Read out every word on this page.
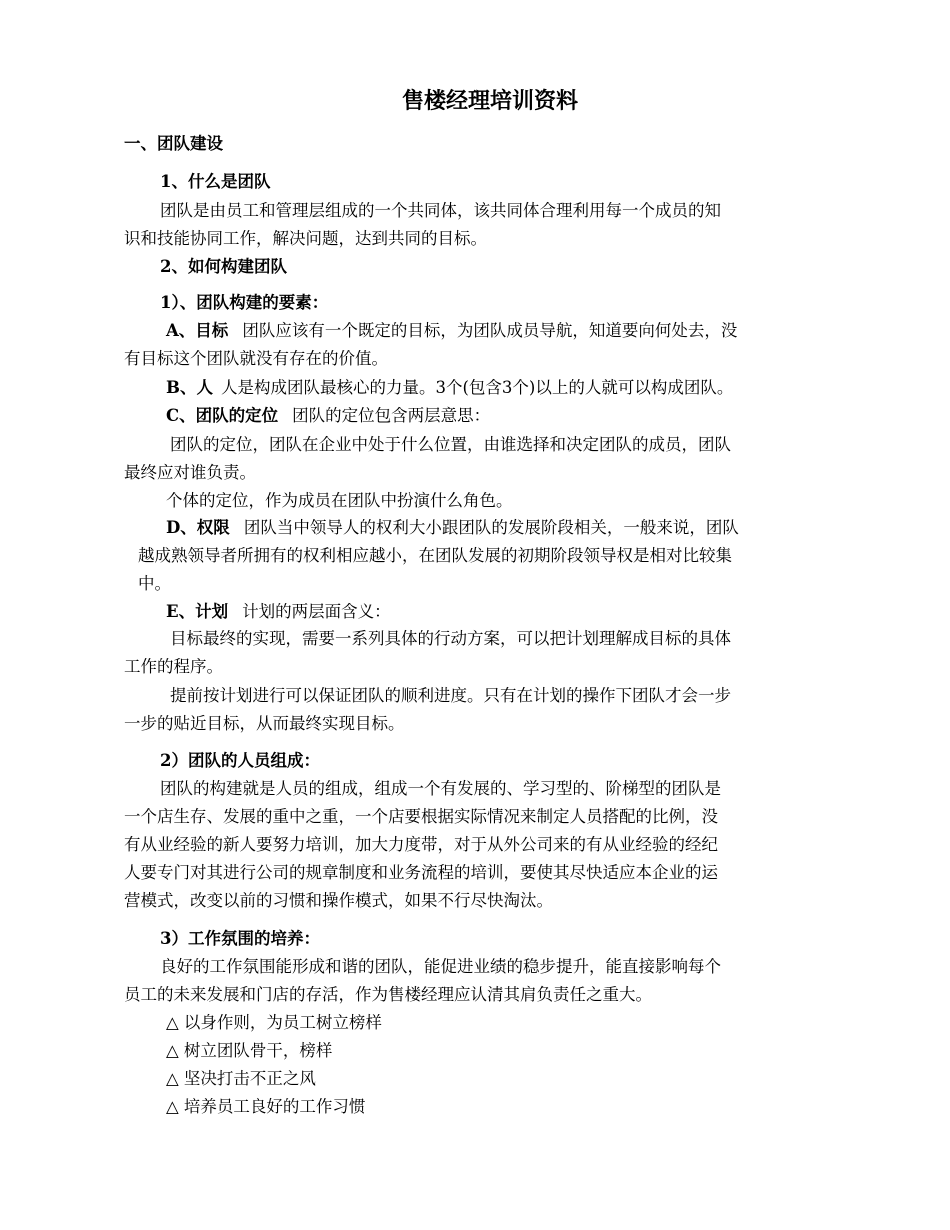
售楼经理培训资料
一、团队建设
1、什么是团队
团队是由员工和管理层组成的一个共同体，该共同体合理利用每一个成员的知
识和技能协同工作，解决问题，达到共同的目标。
2、如何构建团队
1）、团队构建的要素：
A、目标 团队应该有一个既定的目标，为团队成员导航，知道要向何处去，没
有目标这个团队就没有存在的价值。
B、人 人是构成团队最核心的力量。3个(包含3个)以上的人就可以构成团队。
C、团队的定位 团队的定位包含两层意思：
团队的定位，团队在企业中处于什么位置，由谁选择和决定团队的成员，团队
最终应对谁负责。
个体的定位，作为成员在团队中扮演什么角色。
D、权限 团队当中领导人的权利大小跟团队的发展阶段相关，一般来说，团队
越成熟领导者所拥有的权利相应越小，在团队发展的初期阶段领导权是相对比较集
中。
E、计划 计划的两层面含义：
目标最终的实现，需要一系列具体的行动方案，可以把计划理解成目标的具体
工作的程序。
提前按计划进行可以保证团队的顺利进度。只有在计划的操作下团队才会一步
一步的贴近目标，从而最终实现目标。
2）团队的人员组成：
团队的构建就是人员的组成，组成一个有发展的、学习型的、阶梯型的团队是
一个店生存、发展的重中之重，一个店要根据实际情况来制定人员搭配的比例，没
有从业经验的新人要努力培训，加大力度带，对于从外公司来的有从业经验的经纪
人要专门对其进行公司的规章制度和业务流程的培训，要使其尽快适应本企业的运
营模式，改变以前的习惯和操作模式，如果不行尽快淘汰。
3）工作氛围的培养：
良好的工作氛围能形成和谐的团队，能促进业绩的稳步提升，能直接影响每个
员工的未来发展和门店的存活，作为售楼经理应认清其肩负责任之重大。
△ 以身作则，为员工树立榜样
△ 树立团队骨干，榜样
△ 坚决打击不正之风
△ 培养员工良好的工作习惯
